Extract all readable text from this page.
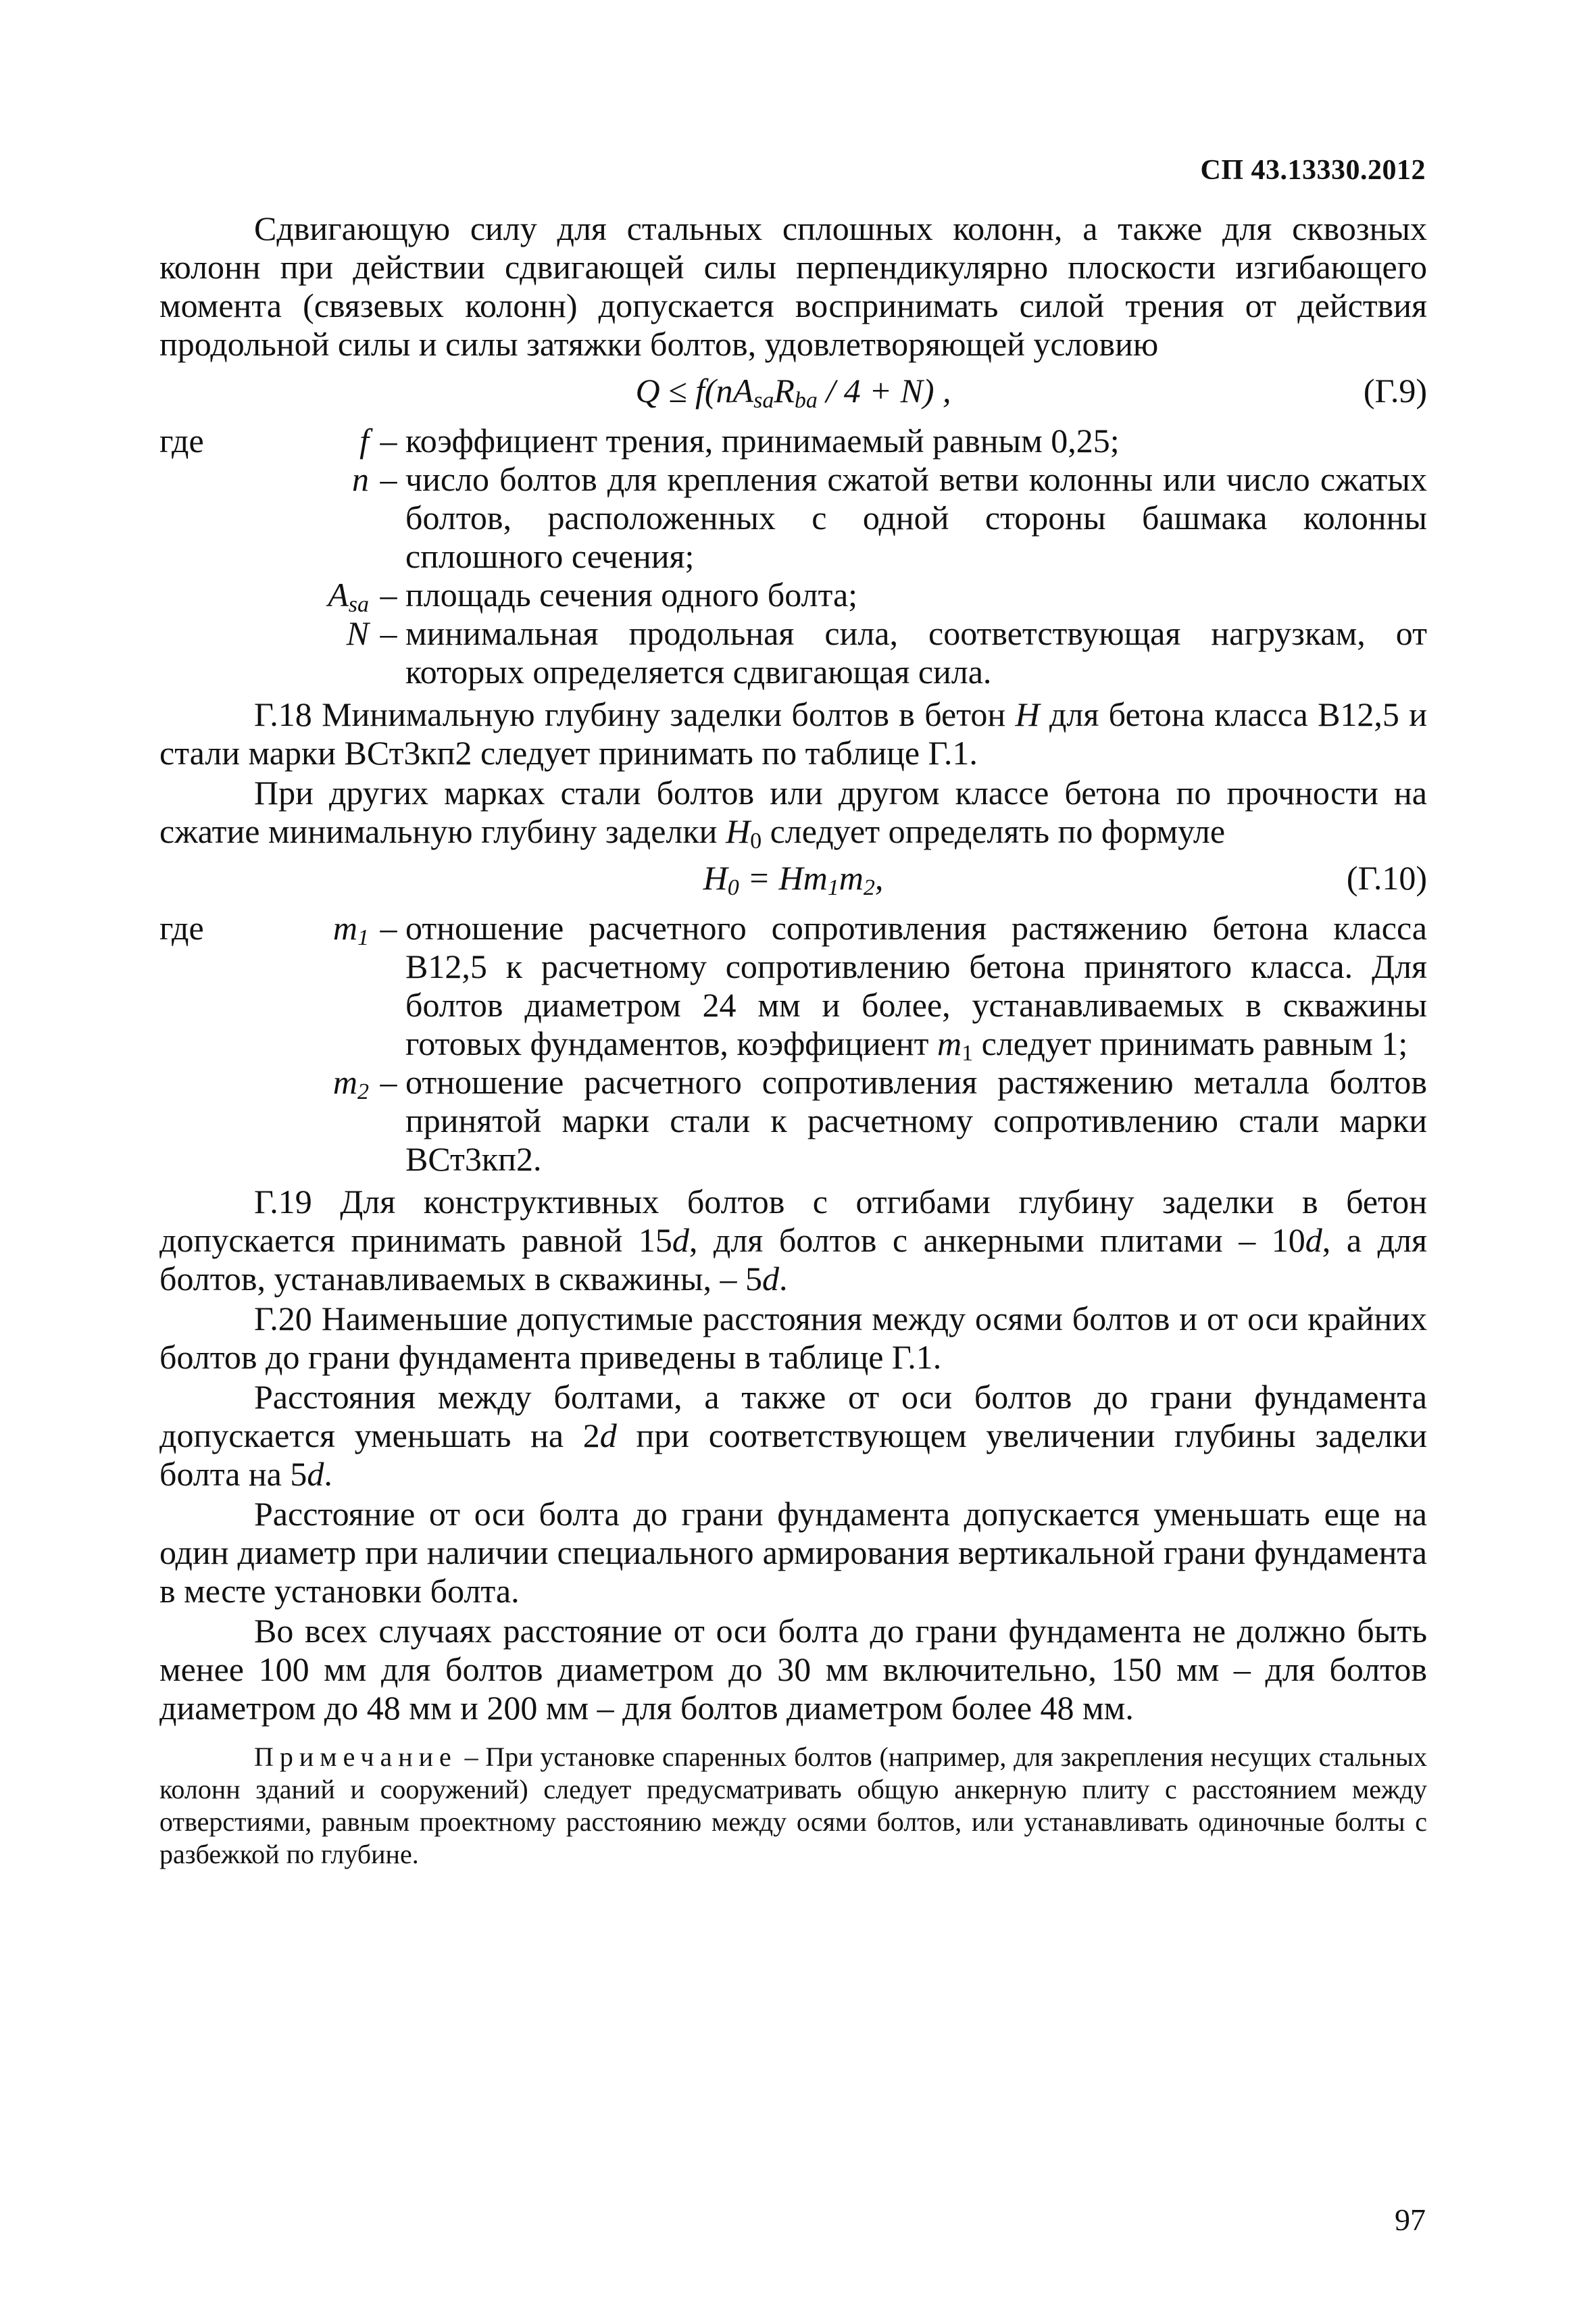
СП 43.13330.2012

Сдвигающую силу для стальных сплошных колонн, а также для сквозных колонн при действии сдвигающей силы перпендикулярно плоскости изгибающего момента (связевых колонн) допускается воспринимать силой трения от действия продольной силы и силы затяжки болтов, удовлетворяющей условию

$Q \le f(nA_{sa}R_{ba} / 4 + N)$ ,	(Г.9)
где	f – коэффициент трения, принимаемый равным 0,25;
n – число болтов для крепления сжатой ветви колонны или число сжатых болтов, расположенных с одной стороны башмака колонны сплошного сечения;
$A_{sa}$ – площадь сечения одного болта;
N – минимальная продольная сила, соответствующая нагрузкам, от которых определяется сдвигающая сила.

Г.18 Минимальную глубину заделки болтов в бетон H для бетона класса В12,5 и стали марки ВСт3кп2 следует принимать по таблице Г.1.

При других марках стали болтов или другом классе бетона по прочности на сжатие минимальную глубину заделки $H_0$ следует определять по формуле

$H_0 = Hm_1m_2$,	(Г.10)
где	$m_1$ – отношение расчетного сопротивления растяжению бетона класса В12,5 к расчетному сопротивлению бетона принятого класса. Для болтов диаметром 24 мм и более, устанавливаемых в скважины готовых фундаментов, коэффициент $m_1$ следует принимать равным 1;
$m_2$ – отношение расчетного сопротивления растяжению металла болтов принятой марки стали к расчетному сопротивлению стали марки ВСт3кп2.

Г.19 Для конструктивных болтов с отгибами глубину заделки в бетон допускается принимать равной 15d, для болтов с анкерными плитами – 10d, а для болтов, устанавливаемых в скважины, – 5d.

Г.20 Наименьшие допустимые расстояния между осями болтов и от оси крайних болтов до грани фундамента приведены в таблице Г.1.

Расстояния между болтами, а также от оси болтов до грани фундамента допускается уменьшать на 2d при соответствующем увеличении глубины заделки болта на 5d.

Расстояние от оси болта до грани фундамента допускается уменьшать еще на один диаметр при наличии специального армирования вертикальной грани фундамента в месте установки болта.

Во всех случаях расстояние от оси болта до грани фундамента не должно быть менее 100 мм для болтов диаметром до 30 мм включительно, 150 мм – для болтов диаметром до 48 мм и 200 мм – для болтов диаметром более 48 мм.

Примечание – При установке спаренных болтов (например, для закрепления несущих стальных колонн зданий и сооружений) следует предусматривать общую анкерную плиту с расстоянием между отверстиями, равным проектному расстоянию между осями болтов, или устанавливать одиночные болты с разбежкой по глубине.

97
